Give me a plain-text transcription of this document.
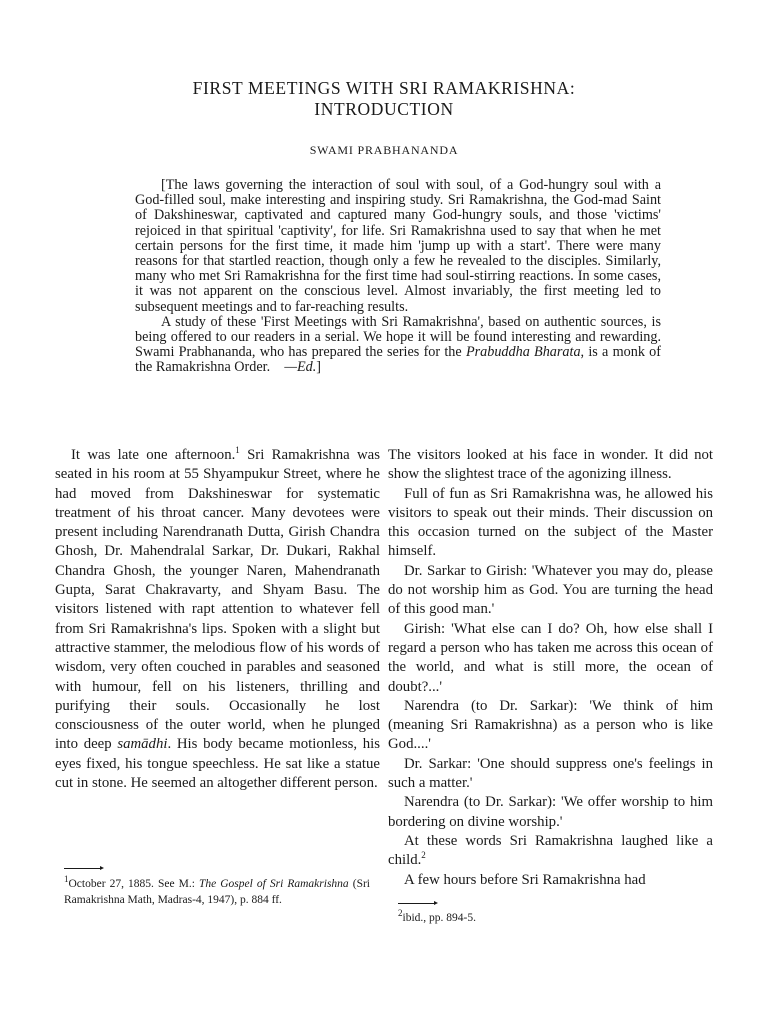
FIRST MEETINGS WITH SRI RAMAKRISHNA:
INTRODUCTION

SWAMI PRABHANANDA

[The laws governing the interaction of soul with soul, of a God-hungry soul with a God-filled soul, make interesting and inspiring study. Sri Ramakrishna, the God-mad Saint of Dakshineswar, captivated and captured many God-hungry souls, and those 'victims' rejoiced in that spiritual 'captivity', for life. Sri Ramakrishna used to say that when he met certain persons for the first time, it made him 'jump up with a start'. There were many reasons for that startled reaction, though only a few he revealed to the disciples. Similarly, many who met Sri Ramakrishna for the first time had soul-stirring reactions. In some cases, it was not apparent on the conscious level. Almost invariably, the first meeting led to subsequent meetings and to far-reaching results.

A study of these 'First Meetings with Sri Ramakrishna', based on authentic sources, is being offered to our readers in a serial. We hope it will be found interesting and rewarding. Swami Prabhananda, who has prepared the series for the Prabuddha Bharata, is a monk of the Ramakrishna Order. —Ed.]

It was late one afternoon.$^1$ Sri Ramakrishna was seated in his room at 55 Shyampukur Street, where he had moved from Dakshineswar for systematic treatment of his throat cancer. Many devotees were present including Narendranath Dutta, Girish Chandra Ghosh, Dr. Mahendralal Sarkar, Dr. Dukari, Rakhal Chandra Ghosh, the younger Naren, Mahendranath Gupta, Sarat Chakravarty, and Shyam Basu. The visitors listened with rapt attention to whatever fell from Sri Ramakrishna's lips. Spoken with a slight but attractive stammer, the melodious flow of his words of wisdom, very often couched in parables and seasoned with humour, fell on his listeners, thrilling and purifying their souls. Occasionally he lost consciousness of the outer world, when he plunged into deep samādhi. His body became motionless, his eyes fixed, his tongue speechless. He sat like a statue cut in stone. He seemed an altogether different person.

The visitors looked at his face in wonder. It did not show the slightest trace of the agonizing illness.

Full of fun as Sri Ramakrishna was, he allowed his visitors to speak out their minds. Their discussion on this occasion turned on the subject of the Master himself.

Dr. Sarkar to Girish: 'Whatever you may do, please do not worship him as God. You are turning the head of this good man.'

Girish: 'What else can I do? Oh, how else shall I regard a person who has taken me across this ocean of the world, and what is still more, the ocean of doubt?...'

Narendra (to Dr. Sarkar): 'We think of him (meaning Sri Ramakrishna) as a person who is like God....'

Dr. Sarkar: 'One should suppress one's feelings in such a matter.'

Narendra (to Dr. Sarkar): 'We offer worship to him bordering on divine worship.'

At these words Sri Ramakrishna laughed like a child.$^2$

A few hours before Sri Ramakrishna had

$^1$October 27, 1885. See M.: The Gospel of Sri Ramakrishna (Sri Ramakrishna Math, Madras-4, 1947), p. 884 ff.
$^2$ibid., pp. 894-5.
